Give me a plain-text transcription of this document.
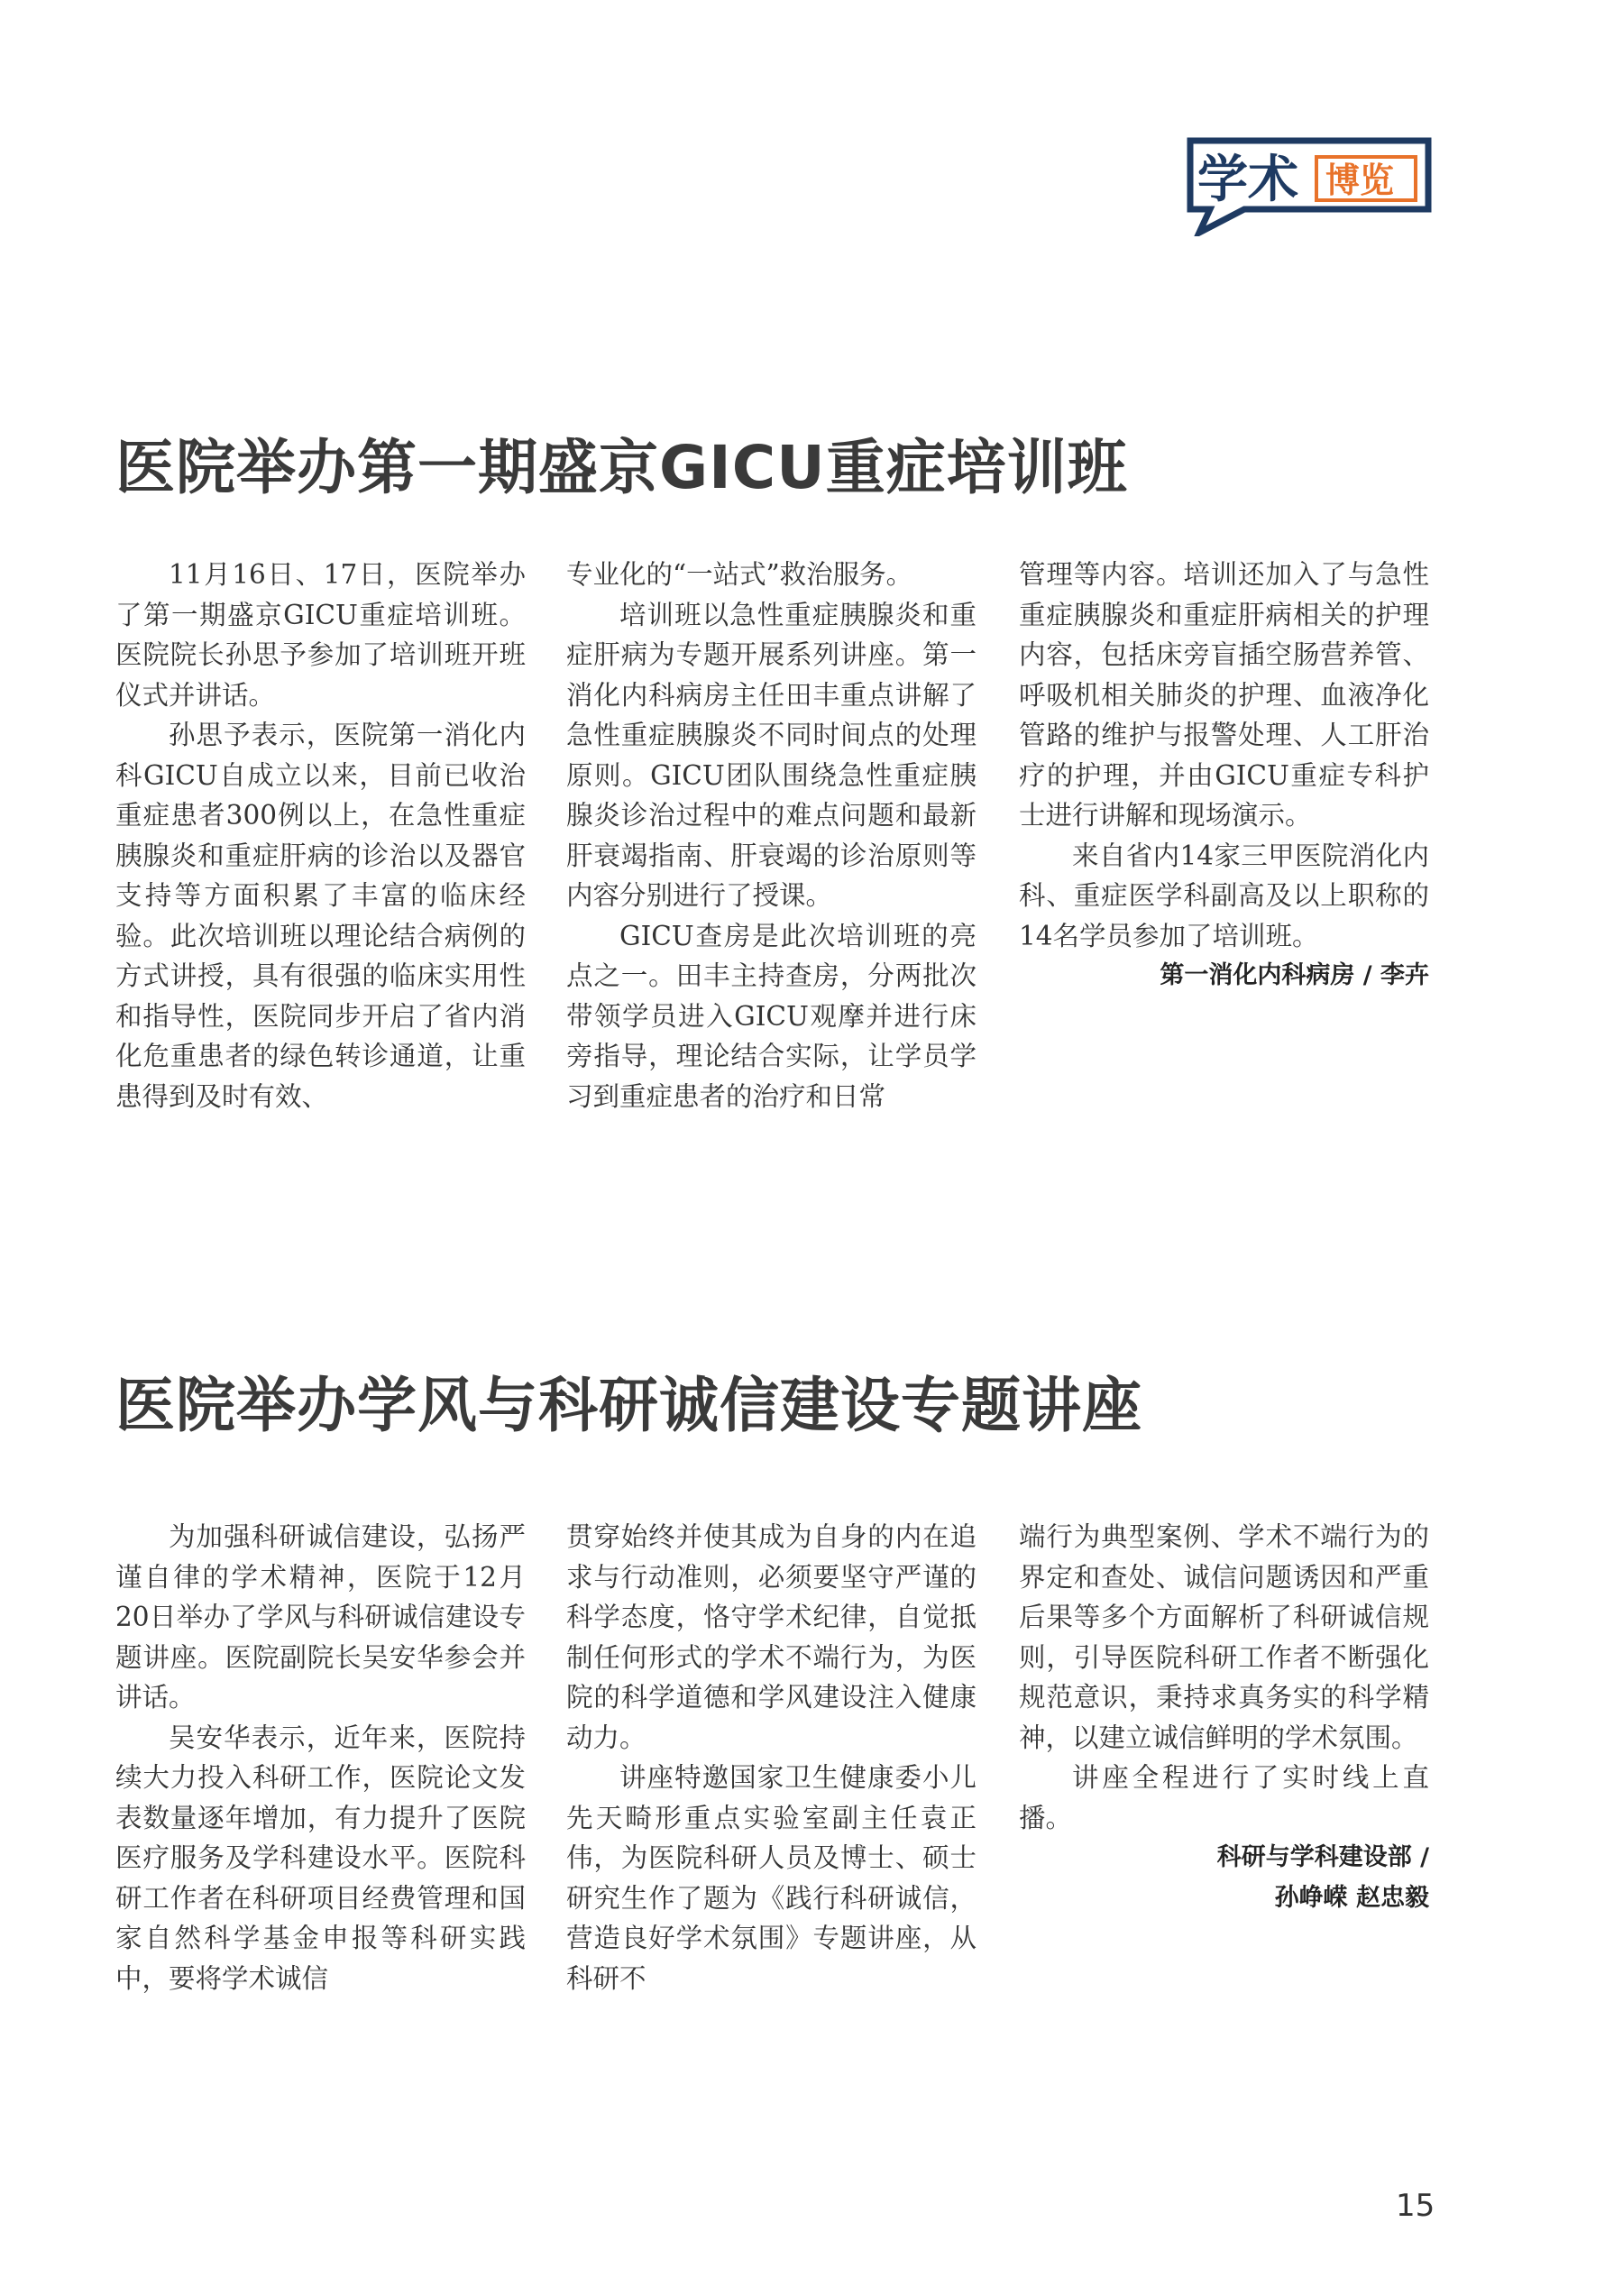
学术 博览
医院举办第一期盛京GICU重症培训班

11月16日、17日，医院举办了第一期盛京GICU重症培训班。医院院长孙思予参加了培训班开班仪式并讲话。

孙思予表示，医院第一消化内科GICU自成立以来，目前已收治重症患者300例以上，在急性重症胰腺炎和重症肝病的诊治以及器官支持等方面积累了丰富的临床经验。此次培训班以理论结合病例的方式讲授，具有很强的临床实用性和指导性，医院同步开启了省内消化危重患者的绿色转诊通道，让重患得到及时有效、

专业化的“一站式”救治服务。

培训班以急性重症胰腺炎和重症肝病为专题开展系列讲座。第一消化内科病房主任田丰重点讲解了急性重症胰腺炎不同时间点的处理原则。GICU团队围绕急性重症胰腺炎诊治过程中的难点问题和最新肝衰竭指南、肝衰竭的诊治原则等内容分别进行了授课。

GICU查房是此次培训班的亮点之一。田丰主持查房，分两批次带领学员进入GICU观摩并进行床旁指导，理论结合实际，让学员学习到重症患者的治疗和日常

管理等内容。培训还加入了与急性重症胰腺炎和重症肝病相关的护理内容，包括床旁盲插空肠营养管、呼吸机相关肺炎的护理、血液净化管路的维护与报警处理、人工肝治疗的护理，并由GICU重症专科护士进行讲解和现场演示。

来自省内14家三甲医院消化内科、重症医学科副高及以上职称的14名学员参加了培训班。

第一消化内科病房 / 李卉

医院举办学风与科研诚信建设专题讲座

为加强科研诚信建设，弘扬严谨自律的学术精神，医院于12月20日举办了学风与科研诚信建设专题讲座。医院副院长吴安华参会并讲话。

吴安华表示，近年来，医院持续大力投入科研工作，医院论文发表数量逐年增加，有力提升了医院医疗服务及学科建设水平。医院科研工作者在科研项目经费管理和国家自然科学基金申报等科研实践中，要将学术诚信

贯穿始终并使其成为自身的内在追求与行动准则，必须要坚守严谨的科学态度，恪守学术纪律，自觉抵制任何形式的学术不端行为，为医院的科学道德和学风建设注入健康动力。

讲座特邀国家卫生健康委小儿先天畸形重点实验室副主任袁正伟，为医院科研人员及博士、硕士研究生作了题为《践行科研诚信，营造良好学术氛围》专题讲座，从科研不

端行为典型案例、学术不端行为的界定和查处、诚信问题诱因和严重后果等多个方面解析了科研诚信规则，引导医院科研工作者不断强化规范意识，秉持求真务实的科学精神，以建立诚信鲜明的学术氛围。

讲座全程进行了实时线上直播。

科研与学科建设部 /

孙峥嵘 赵忠毅

15
